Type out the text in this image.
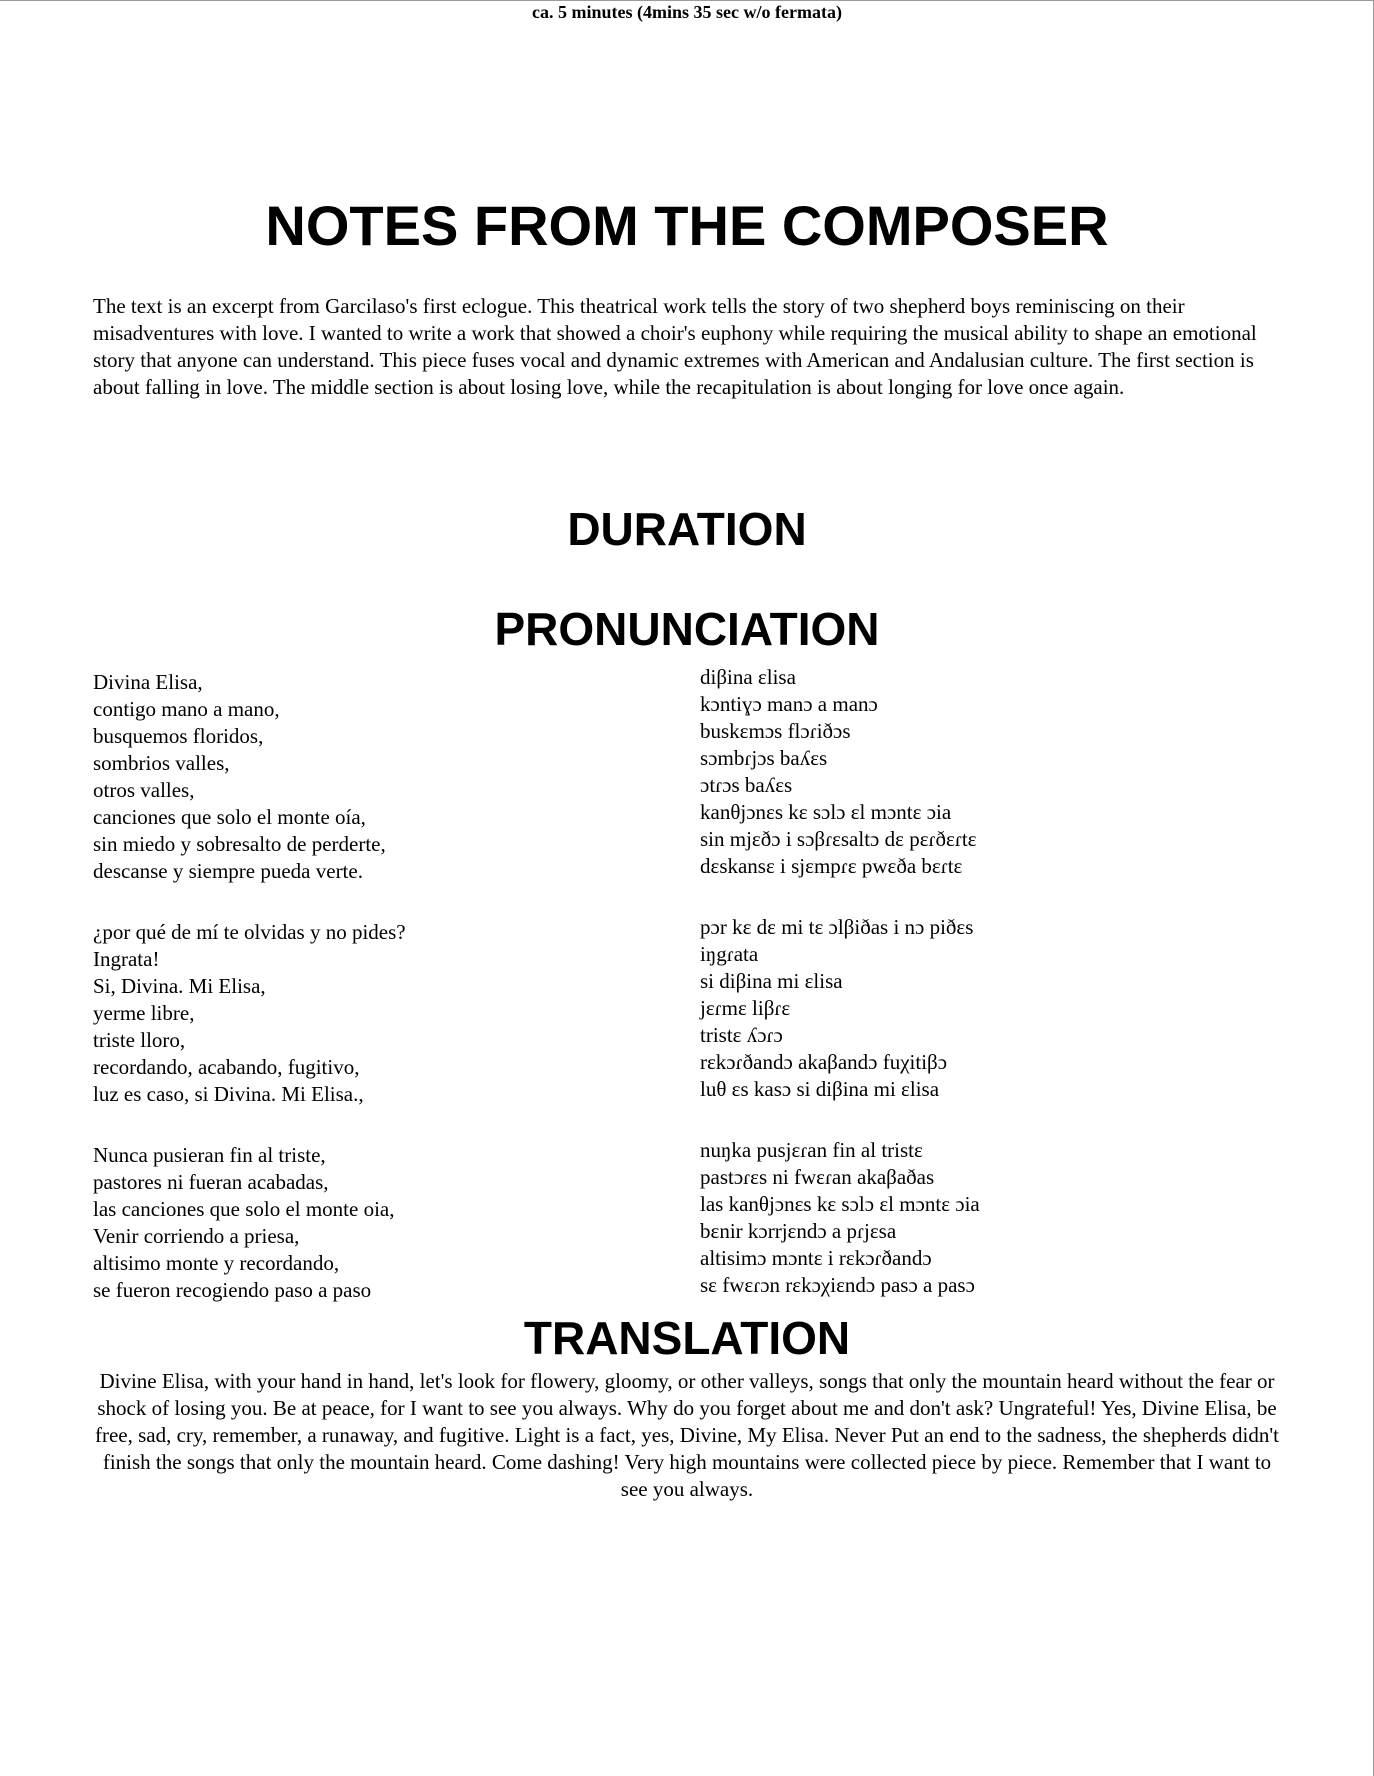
NOTES FROM THE COMPOSER

The text is an excerpt from Garcilaso's first eclogue. This theatrical work tells the story of two shepherd boys reminiscing on their misadventures with love. I wanted to write a work that showed a choir's euphony while requiring the musical ability to shape an emotional story that anyone can understand. This piece fuses vocal and dynamic extremes with American and Andalusian culture. The first section is about falling in love. The middle section is about losing love, while the recapitulation is about longing for love once again.

DURATION
ca. 5 minutes (4mins 35 sec w/o fermata)
PRONUNCIATION
Divina Elisa,
contigo mano a mano,
busquemos floridos,
sombrios valles,
otros valles,
canciones que solo el monte oía,
sin miedo y sobresalto de perderte,
descanse y siempre pueda verte.
¿por qué de mí te olvidas y no pides?
Ingrata!
Si, Divina. Mi Elisa,
yerme libre,
triste lloro,
recordando, acabando, fugitivo,
luz es caso, si Divina. Mi Elisa.,
Nunca pusieran fin al triste,
pastores ni fueran acabadas,
las canciones que solo el monte oia,
Venir corriendo a priesa,
altisimo monte y recordando,
se fueron recogiendo paso a paso
diβina ɛlisa
kɔntiɣɔ manɔ a manɔ
buskɛmɔs flɔɾiðɔs
sɔmbɾjɔs baʎɛs
ɔtɾɔs baʎɛs
kanθjɔnɛs kɛ sɔlɔ ɛl mɔntɛ ɔia
sin mjɛðɔ i sɔβɾɛsaltɔ dɛ pɛɾðɛɾtɛ
dɛskansɛ i sjɛmpɾɛ pwɛða bɛɾtɛ
pɔr kɛ dɛ mi tɛ ɔlβiðas i nɔ piðɛs
iŋgɾata
si diβina mi ɛlisa
jɛɾmɛ liβɾɛ
tristɛ ʎɔɾɔ
rɛkɔɾðandɔ akaβandɔ fuχitiβɔ
luθ ɛs kasɔ si diβina mi ɛlisa
nuŋka pusjɛɾan fin al tristɛ
pastɔɾɛs ni fwɛɾan akaβaðas
las kanθjɔnɛs kɛ sɔlɔ ɛl mɔntɛ ɔia
bɛnir kɔrrjɛndɔ a pɾjɛsa
altisimɔ mɔntɛ i rɛkɔɾðandɔ
sɛ fwɛɾɔn rɛkɔχiɛndɔ pasɔ a pasɔ
TRANSLATION

Divine Elisa, with your hand in hand, let's look for flowery, gloomy, or other valleys, songs that only the mountain heard without the fear or shock of losing you. Be at peace, for I want to see you always. Why do you forget about me and don't ask? Ungrateful! Yes, Divine Elisa, be free, sad, cry, remember, a runaway, and fugitive. Light is a fact, yes, Divine, My Elisa. Never Put an end to the sadness, the shepherds didn't finish the songs that only the mountain heard. Come dashing! Very high mountains were collected piece by piece. Remember that I want to see you always.
